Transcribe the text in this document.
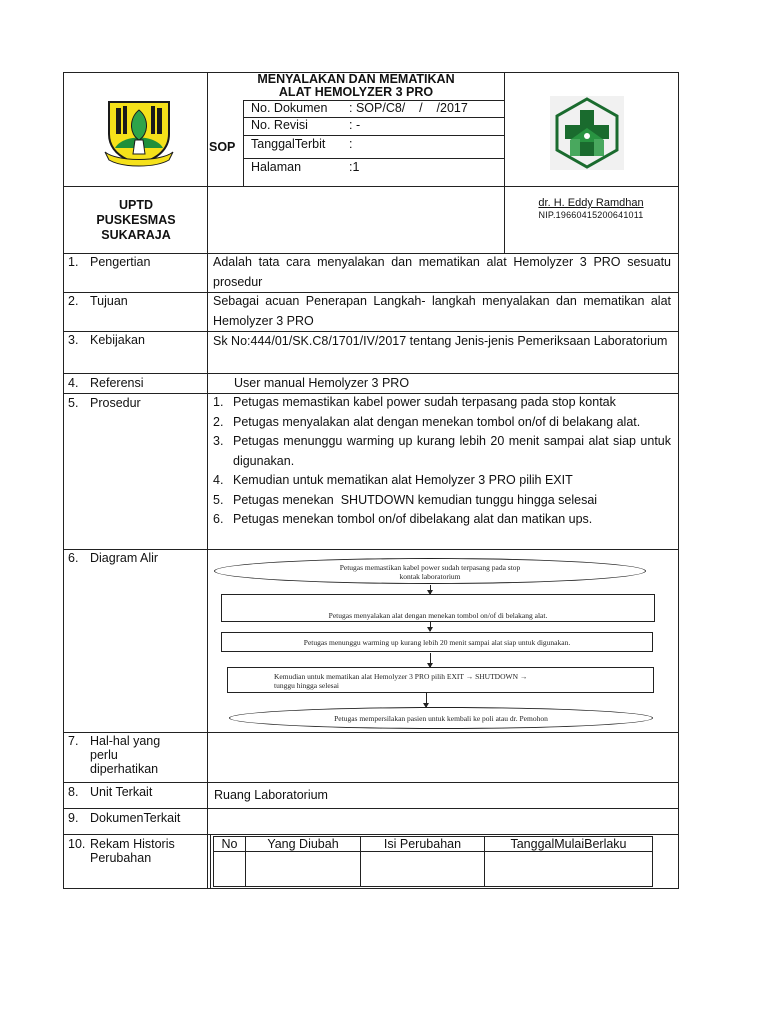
MENYALAKAN DAN MEMATIKAN
ALAT HEMOLYZER 3 PRO
SOP
No. Dokumen : SOP/C8/    /    /2017
No. Revisi	: -
TanggalTerbit :
Halaman	:1
UPTD
PUSKESMAS
SUKARAJA
dr. H. Eddy Ramdhan
NIP.19660415200641011
1. Pengertian	Adalah tata cara menyalakan dan mematikan alat Hemolyzer 3 PRO sesuatu prosedur
2. Tujuan	Sebagai acuan Penerapan Langkah- langkah menyalakan dan mematikan alat Hemolyzer 3 PRO
3. Kebijakan	Sk No:444/01/SK.C8/1701/IV/2017 tentang Jenis-jenis Pemeriksaan Laboratorium
4. Referensi	User manual Hemolyzer 3 PRO
5. Prosedur	1. Petugas memastikan kabel power sudah terpasang pada stop kontak
2. Petugas menyalakan alat dengan menekan tombol on/of di belakang alat.
3. Petugas menunggu warming up kurang lebih 20 menit sampai alat siap untuk digunakan.
4. Kemudian untuk mematikan alat Hemolyzer 3 PRO pilih EXIT
5. Petugas menekan  SHUTDOWN kemudian tunggu hingga selesai
6. Petugas menekan tombol on/of dibelakang alat dan matikan ups.
6. Diagram Alir
Petugas memastikan kabel power sudah terpasang pada stop kontak laboratorium
Petugas menyalakan alat dengan menekan tombol on/of di belakang alat.
Petugas menunggu warming up kurang lebih 20 menit sampai alat siap untuk digunakan.
Kemudian untuk mematikan alat Hemolyzer 3 PRO pilih EXIT → SHUTDOWN → tunggu hingga selesai
Petugas mempersilakan pasien untuk kembali ke poli atau dr. Pemohon
7. Hal-hal yang
perlu
diperhatikan
8. Unit Terkait	Ruang Laboratorium
9. DokumenTerkait
10. Rekam Historis
Perubahan
No	Yang Diubah	Isi Perubahan	TanggalMulaiBerlaku
